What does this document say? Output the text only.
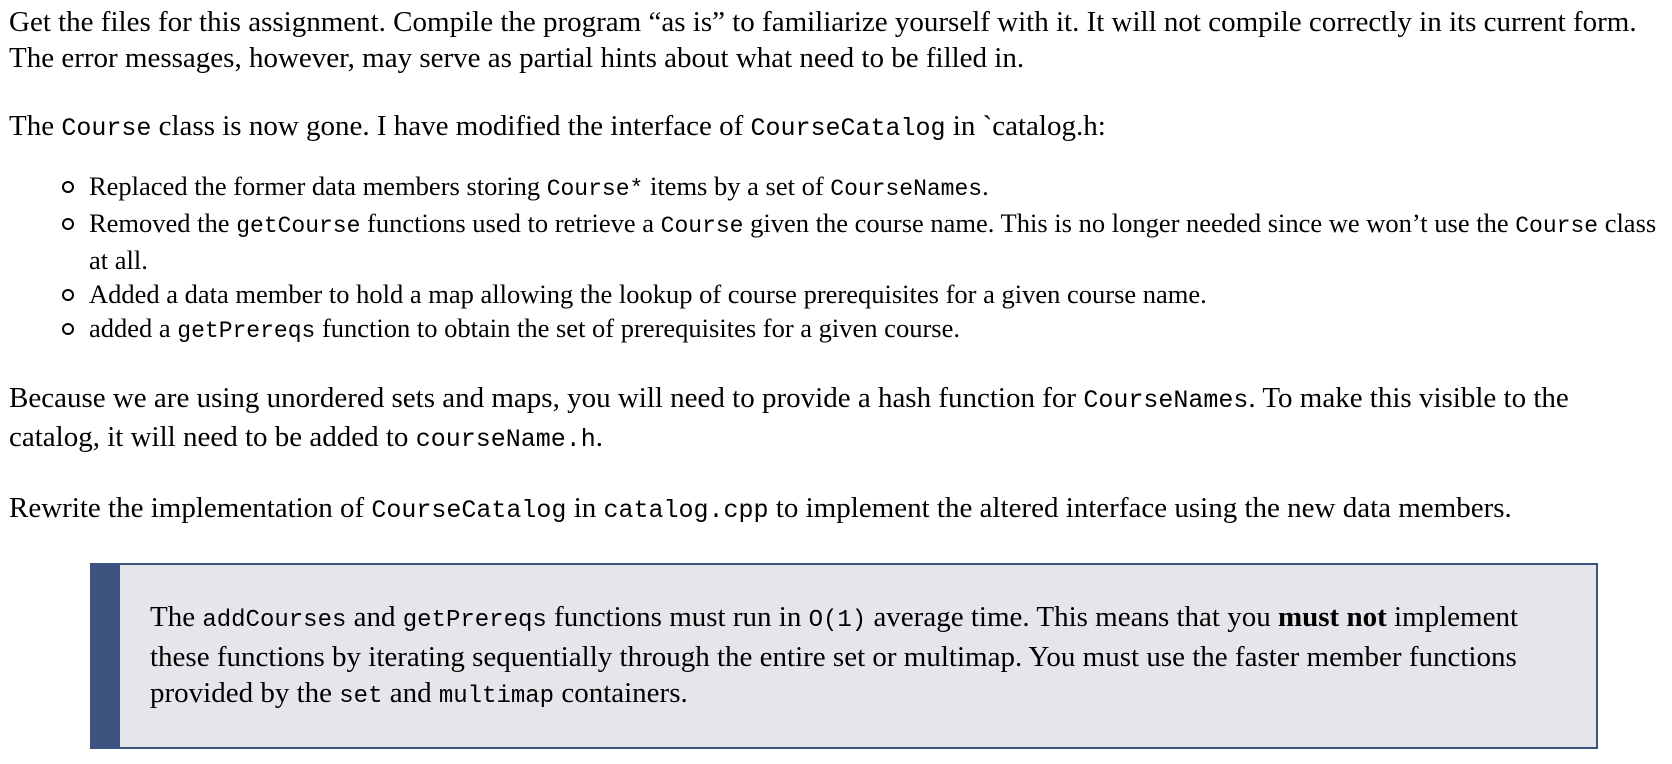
Get the files for this assignment. Compile the program “as is” to familiarize yourself with it. It will not compile correctly in its current form. The error messages, however, may serve as partial hints about what need to be filled in.

The Course class is now gone. I have modified the interface of CourseCatalog in `catalog.h:

Replaced the former data members storing Course* items by a set of CourseNames.
Removed the getCourse functions used to retrieve a Course given the course name. This is no longer needed since we won’t use the Course class at all.
Added a data member to hold a map allowing the lookup of course prerequisites for a given course name.
added a getPrereqs function to obtain the set of prerequisites for a given course.

Because we are using unordered sets and maps, you will need to provide a hash function for CourseNames. To make this visible to the catalog, it will need to be added to courseName.h.

Rewrite the implementation of CourseCatalog in catalog.cpp to implement the altered interface using the new data members.

The addCourses and getPrereqs functions must run in O(1) average time. This means that you must not implement these functions by iterating sequentially through the entire set or multimap. You must use the faster member functions provided by the set and multimap containers.
